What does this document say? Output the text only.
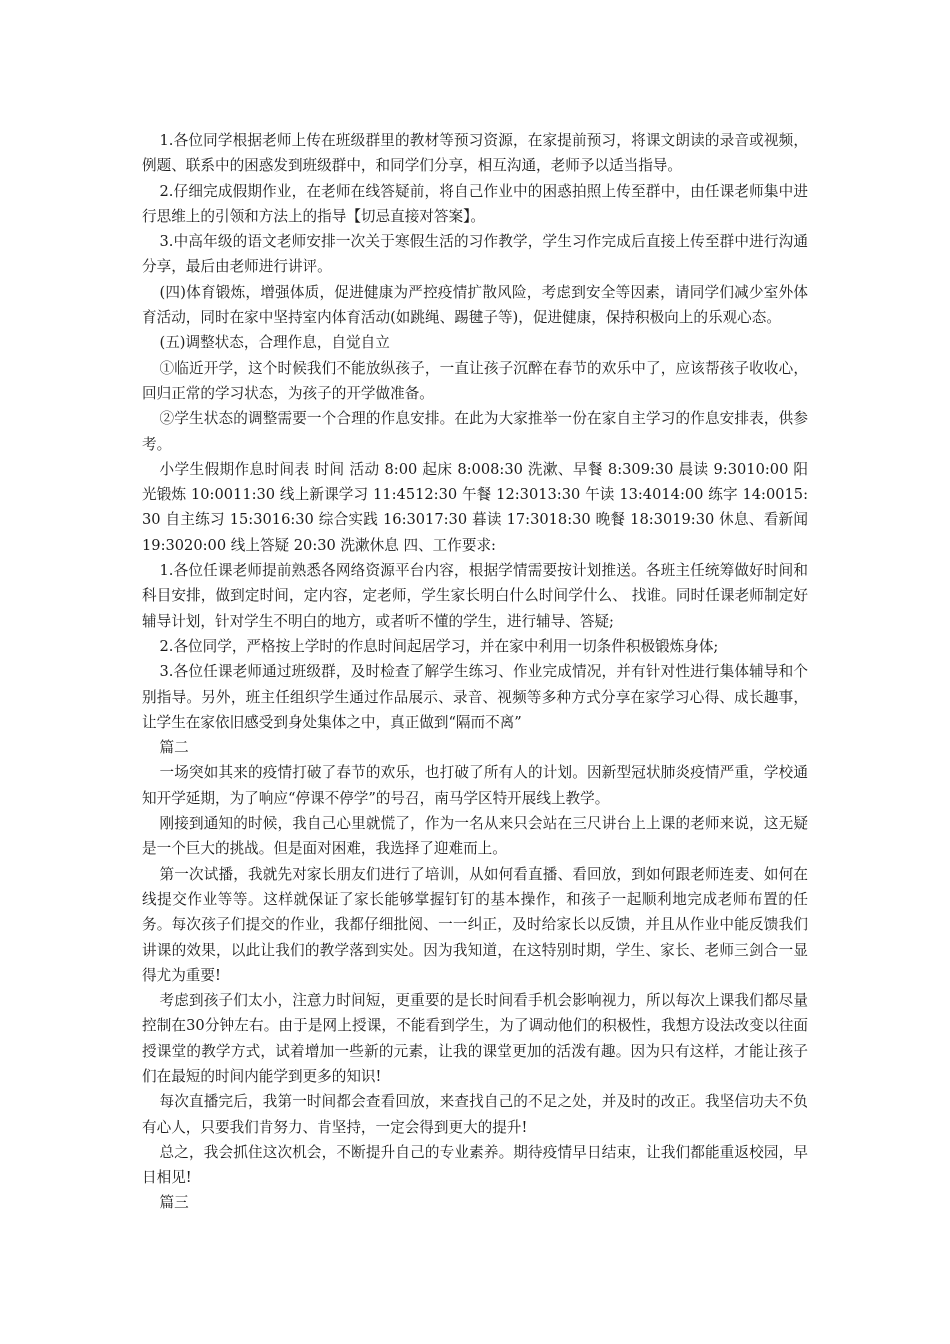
1.各位同学根据老师上传在班级群里的教材等预习资源，在家提前预习，将课文朗读的录音或视频，例题、联系中的困惑发到班级群中，和同学们分享，相互沟通，老师予以适当指导。

2.仔细完成假期作业，在老师在线答疑前，将自己作业中的困惑拍照上传至群中，由任课老师集中进行思维上的引领和方法上的指导【切忌直接对答案】。

3.中高年级的语文老师安排一次关于寒假生活的习作教学，学生习作完成后直接上传至群中进行沟通分享，最后由老师进行讲评。

(四)体育锻炼，增强体质，促进健康为严控疫情扩散风险，考虑到安全等因素，请同学们减少室外体育活动，同时在家中坚持室内体育活动(如跳绳、踢毽子等)，促进健康，保持积极向上的乐观心态。

(五)调整状态，合理作息，自觉自立

①临近开学，这个时候我们不能放纵孩子，一直让孩子沉醉在春节的欢乐中了，应该帮孩子收收心，回归正常的学习状态，为孩子的开学做准备。

②学生状态的调整需要一个合理的作息安排。在此为大家推举一份在家自主学习的作息安排表，供参考。

小学生假期作息时间表 时间 活动 8:00 起床 8:008:30 洗漱、早餐 8:309:30 晨读 9:3010:00 阳光锻炼 10:0011:30 线上新课学习 11:4512:30 午餐 12:3013:30 午读 13:4014:00 练字 14:0015:30 自主练习 15:3016:30 综合实践 16:3017:30 暮读 17:3018:30 晚餐 18:3019:30 休息、看新闻 19:3020:00 线上答疑 20:30 洗漱休息 四、工作要求:

1.各位任课老师提前熟悉各网络资源平台内容，根据学情需要按计划推送。各班主任统筹做好时间和科目安排，做到定时间，定内容，定老师，学生家长明白什么时间学什么、 找谁。同时任课老师制定好辅导计划，针对学生不明白的地方，或者听不懂的学生，进行辅导、答疑;

2.各位同学，严格按上学时的作息时间起居学习，并在家中利用一切条件积极锻炼身体;

3.各位任课老师通过班级群，及时检查了解学生练习、作业完成情况，并有针对性进行集体辅导和个别指导。另外，班主任组织学生通过作品展示、录音、视频等多种方式分享在家学习心得、成长趣事，让学生在家依旧感受到身处集体之中，真正做到“隔而不离”

篇二

一场突如其来的疫情打破了春节的欢乐，也打破了所有人的计划。因新型冠状肺炎疫情严重，学校通知开学延期，为了响应“停课不停学”的号召，南马学区特开展线上教学。

刚接到通知的时候，我自己心里就慌了，作为一名从来只会站在三尺讲台上上课的老师来说，这无疑是一个巨大的挑战。但是面对困难，我选择了迎难而上。

第一次试播，我就先对家长朋友们进行了培训，从如何看直播、看回放，到如何跟老师连麦、如何在线提交作业等等。这样就保证了家长能够掌握钉钉的基本操作，和孩子一起顺利地完成老师布置的任务。每次孩子们提交的作业，我都仔细批阅、一一纠正，及时给家长以反馈，并且从作业中能反馈我们讲课的效果，以此让我们的教学落到实处。因为我知道，在这特别时期，学生、家长、老师三剑合一显得尤为重要!

考虑到孩子们太小，注意力时间短，更重要的是长时间看手机会影响视力，所以每次上课我们都尽量控制在30分钟左右。由于是网上授课，不能看到学生，为了调动他们的积极性，我想方设法改变以往面授课堂的教学方式，试着增加一些新的元素，让我的课堂更加的活泼有趣。因为只有这样，才能让孩子们在最短的时间内能学到更多的知识!

每次直播完后，我第一时间都会查看回放，来查找自己的不足之处，并及时的改正。我坚信功夫不负有心人，只要我们肯努力、肯坚持，一定会得到更大的提升!

总之，我会抓住这次机会，不断提升自己的专业素养。期待疫情早日结束，让我们都能重返校园，早日相见!

篇三
